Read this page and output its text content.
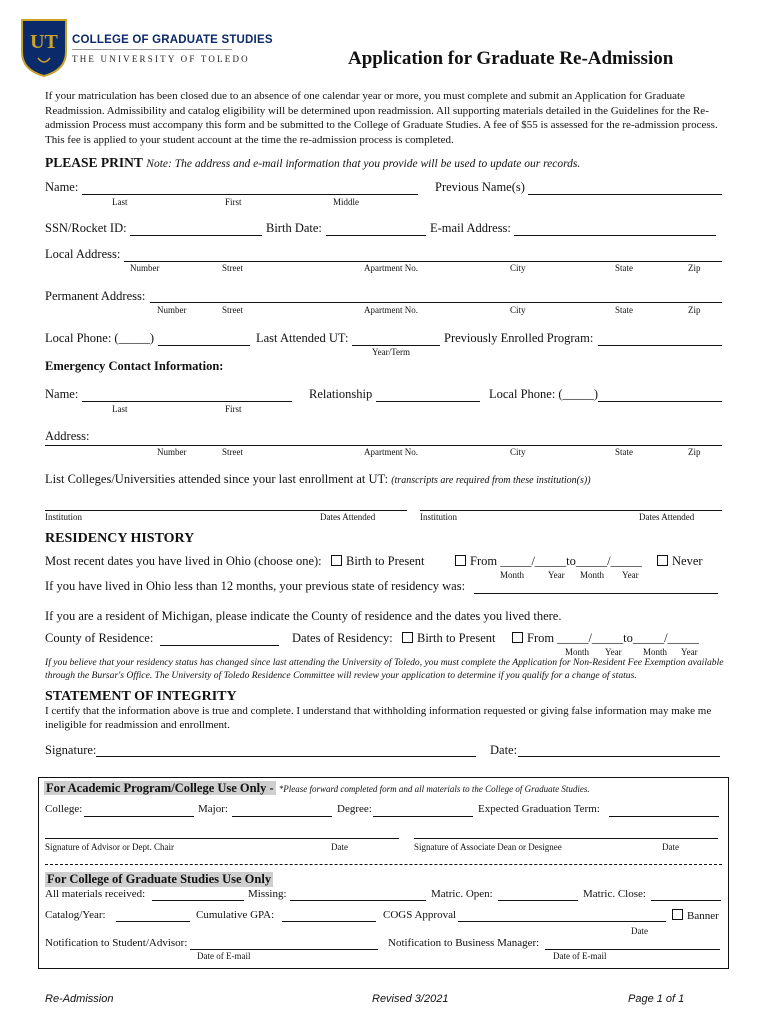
UT COLLEGE OF GRADUATE STUDIES
THE UNIVERSITY OF TOLEDO	Application for Graduate Re-Admission
If your matriculation has been closed due to an absence of one calendar year or more, you must complete and submit an Application for Graduate Readmission. Admissibility and catalog eligibility will be determined upon readmission. All supporting materials detailed in the Guidelines for the Re-admission Process must accompany this form and be submitted to the College of Graduate Studies. A fee of $55 is assessed for the re-admission process. This fee is applied to your student account at the time the re-admission process is completed.
PLEASE PRINT Note: The address and e-mail information that you provide will be used to update our records.
Name:	Previous Name(s)
Last	First	Middle
SSN/Rocket ID:	Birth Date:	E-mail Address:
Local Address:
Number	Street	Apartment No.	City	State	Zip
Permanent Address:
Number	Street	Apartment No.	City	State	Zip
Local Phone: (_____)	Last Attended UT:	Previously Enrolled Program:
Year/Term
Emergency Contact Information:
Name:	Relationship	Local Phone: (_____)
Last	First
Address:
Number	Street	Apartment No.	City	State	Zip
List Colleges/Universities attended since your last enrollment at UT: (transcripts are required from these institution(s))
Institution	Dates Attended	Institution	Dates Attended
RESIDENCY HISTORY
Most recent dates you have lived in Ohio (choose one):	Birth to Present	From _____/_____to_____/_____	Never
Month	Year Month Year
If you have lived in Ohio less than 12 months, your previous state of residency was:
If you are a resident of Michigan, please indicate the County of residence and the dates you lived there.
County of Residence:	Dates of Residency:	Birth to Present	From _____/_____to_____/_____
Month Year Month Year
If you believe that your residency status has changed since last attending the University of Toledo, you must complete the Application for Non-Resident Fee Exemption available through the Bursar's Office. The University of Toledo Residence Committee will review your application to determine if you qualify for a change of status.
STATEMENT OF INTEGRITY
I certify that the information above is true and complete. I understand that withholding information requested or giving false information may make me ineligible for readmission and enrollment.
Signature:	Date:
For Academic Program/College Use Only - *Please forward completed form and all materials to the College of Graduate Studies.
College:	Major:	Degree:	Expected Graduation Term:
Signature of Advisor or Dept. Chair	Date	Signature of Associate Dean or Designee	Date
For College of Graduate Studies Use Only
All materials received:	Missing:	Matric. Open:	Matric. Close:
Catalog/Year:	Cumulative GPA:	COGS Approval	Banner
Date
Notification to Student/Advisor:	Notification to Business Manager:
Date of E-mail	Date of E-mail
Re-Admission	Revised 3/2021	Page 1 of 1
